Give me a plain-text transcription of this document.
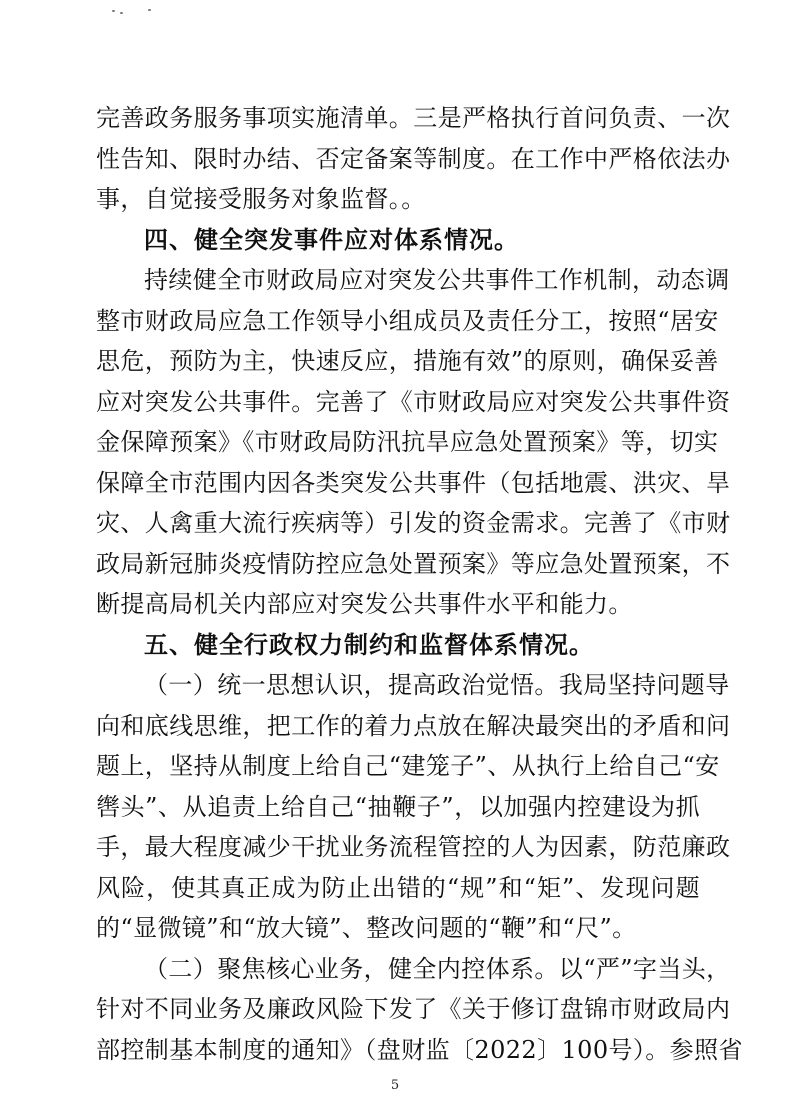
完善政务服务事项实施清单。三是严格执行首问负责、一次
性告知、限时办结、否定备案等制度。在工作中严格依法办
事，自觉接受服务对象监督。。
四、健全突发事件应对体系情况。
持续健全市财政局应对突发公共事件工作机制，动态调
整市财政局应急工作领导小组成员及责任分工，按照“居安
思危，预防为主，快速反应，措施有效”的原则，确保妥善
应对突发公共事件。完善了《市财政局应对突发公共事件资
金保障预案》《市财政局防汛抗旱应急处置预案》等，切实
保障全市范围内因各类突发公共事件（包括地震、洪灾、旱
灾、人禽重大流行疾病等）引发的资金需求。完善了《市财
政局新冠肺炎疫情防控应急处置预案》等应急处置预案，不
断提高局机关内部应对突发公共事件水平和能力。
五、健全行政权力制约和监督体系情况。
（一）统一思想认识，提高政治觉悟。我局坚持问题导
向和底线思维，把工作的着力点放在解决最突出的矛盾和问
题上，坚持从制度上给自己“建笼子”、从执行上给自己“安
辔头”、从追责上给自己“抽鞭子”，以加强内控建设为抓
手，最大程度减少干扰业务流程管控的人为因素，防范廉政
风险，使其真正成为防止出错的“规”和“矩”、发现问题
的“显微镜”和“放大镜”、整改问题的“鞭”和“尺”。
（二）聚焦核心业务，健全内控体系。以“严”字当头，
针对不同业务及廉政风险下发了《关于修订盘锦市财政局内
部控制基本制度的通知》（盘财监〔2022〕100号）。参照省
5
